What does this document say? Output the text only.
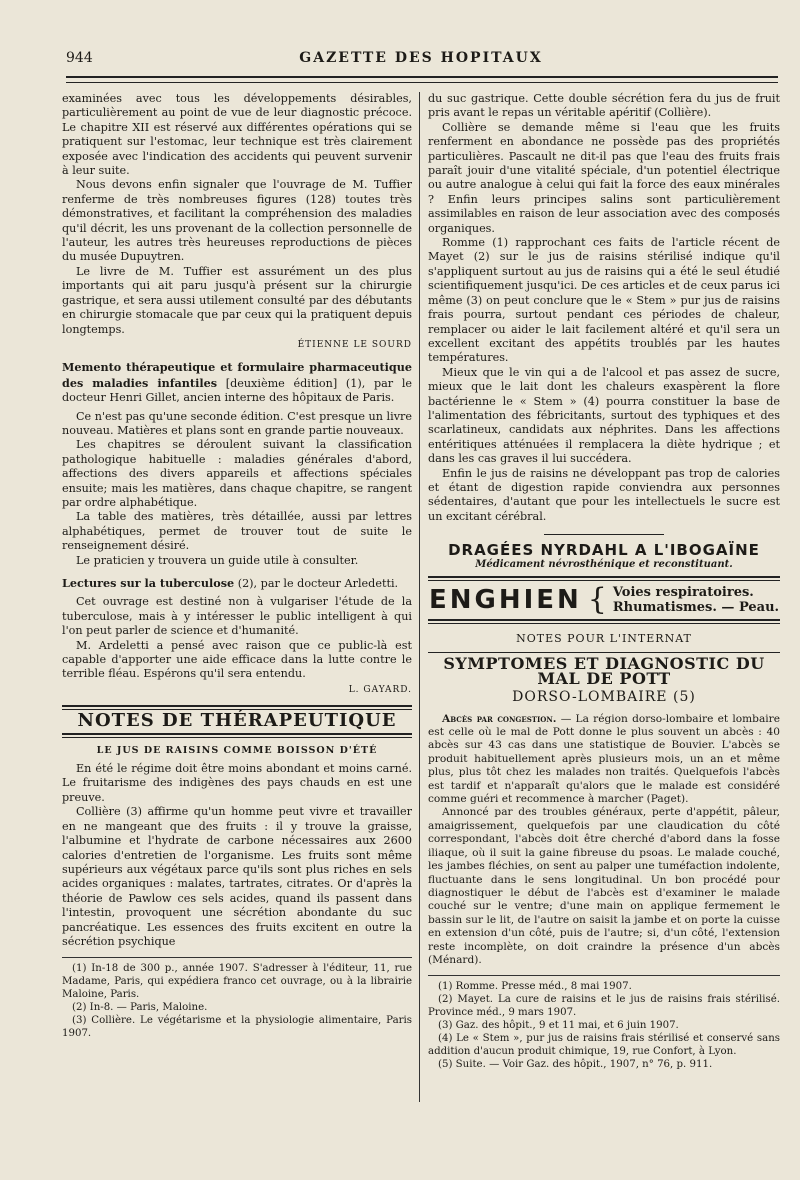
944	GAZETTE DES HOPITAUX

examinées avec tous les développements désirables, particulièrement au point de vue de leur diagnostic précoce. Le chapitre XII est réservé aux différentes opérations qui se pratiquent sur l'estomac, leur technique est très clairement exposée avec l'indication des accidents qui peuvent survenir à leur suite.

Nous devons enfin signaler que l'ouvrage de M. Tuffier renferme de très nombreuses figures (128) toutes très démonstratives, et facilitant la compréhension des maladies qu'il décrit, les uns provenant de la collection personnelle de l'auteur, les autres très heureuses reproductions de pièces du musée Dupuytren.

Le livre de M. Tuffier est assurément un des plus importants qui ait paru jusqu'à présent sur la chirurgie gastrique, et sera aussi utilement consulté par des débutants en chirurgie stomacale que par ceux qui la pratiquent depuis longtemps.

ÉTIENNE LE SOURD

Memento thérapeutique et formulaire pharmaceutique des maladies infantiles [deuxième édition] (1), par le docteur Henri Gillet, ancien interne des hôpitaux de Paris.

Ce n'est pas qu'une seconde édition. C'est presque un livre nouveau. Matières et plans sont en grande partie nouveaux.

Les chapitres se déroulent suivant la classification pathologique habituelle : maladies générales d'abord, affections des divers appareils et affections spéciales ensuite; mais les matières, dans chaque chapitre, se rangent par ordre alphabétique.

La table des matières, très détaillée, aussi par lettres alphabétiques, permet de trouver tout de suite le renseignement désiré.

Le praticien y trouvera un guide utile à consulter.

Lectures sur la tuberculose (2), par le docteur Arledetti.

Cet ouvrage est destiné non à vulgariser l'étude de la tuberculose, mais à y intéresser le public intelligent à qui l'on peut parler de science et d'humanité.

M. Ardeletti a pensé avec raison que ce public-là est capable d'apporter une aide efficace dans la lutte contre le terrible fléau. Espérons qu'il sera entendu.

L. GAYARD.
NOTES DE THÉRAPEUTIQUE
LE JUS DE RAISINS COMME BOISSON D'ÉTÉ

En été le régime doit être moins abondant et moins carné. Le fruitarisme des indigènes des pays chauds en est une preuve.

Collière (3) affirme qu'un homme peut vivre et travailler en ne mangeant que des fruits : il y trouve la graisse, l'albumine et l'hydrate de carbone nécessaires aux 2600 calories d'entretien de l'organisme. Les fruits sont même supérieurs aux végétaux parce qu'ils sont plus riches en sels acides organiques : malates, tartrates, citrates. Or d'après la théorie de Pawlow ces sels acides, quand ils passent dans l'intestin, provoquent une sécrétion abondante du suc pancréatique. Les essences des fruits excitent en outre la sécrétion psychique

(1) In-18 de 300 p., année 1907. S'adresser à l'éditeur, 11, rue Madame, Paris, qui expédiera franco cet ouvrage, ou à la librairie Maloine, Paris.
(2) In-8. — Paris, Maloine.
(3) Collière. Le végétarisme et la physiologie alimentaire, Paris 1907.

du suc gastrique. Cette double sécrétion fera du jus de fruit pris avant le repas un véritable apéritif (Collière).

Collière se demande même si l'eau que les fruits renferment en abondance ne possède pas des propriétés particulières. Pascault ne dit-il pas que l'eau des fruits frais paraît jouir d'une vitalité spéciale, d'un potentiel électrique ou autre analogue à celui qui fait la force des eaux minérales ? Enfin leurs principes salins sont particulièrement assimilables en raison de leur association avec des composés organiques.

Romme (1) rapprochant ces faits de l'article récent de Mayet (2) sur le jus de raisins stérilisé indique qu'il s'appliquent surtout au jus de raisins qui a été le seul étudié scientifiquement jusqu'ici. De ces articles et de ceux parus ici même (3) on peut conclure que le « Stem » pur jus de raisins frais pourra, surtout pendant ces périodes de chaleur, remplacer ou aider le lait facilement altéré et qu'il sera un excellent excitant des appétits troublés par les hautes températures.

Mieux que le vin qui a de l'alcool et pas assez de sucre, mieux que le lait dont les chaleurs exaspèrent la flore bactérienne le « Stem » (4) pourra constituer la base de l'alimentation des fébricitants, surtout des typhiques et des scarlatineux, candidats aux néphrites. Dans les affections entéritiques atténuées il remplacera la diète hydrique ; et dans les cas graves il lui succédera.

Enfin le jus de raisins ne développant pas trop de calories et étant de digestion rapide conviendra aux personnes sédentaires, d'autant que pour les intellectuels le sucre est un excitant cérébral.

DRAGÉES NYRDAHL A L'IBOGAÏNE
Médicament névrosthénique et reconstituant.
ENGHIEN { Voies respiratoires.
Rhumatismes. — Peau.
NOTES POUR L'INTERNAT
SYMPTOMES ET DIAGNOSTIC DU MAL DE POTT
DORSO-LOMBAIRE (5)

Abcès par congestion. — La région dorso-lombaire et lombaire est celle où le mal de Pott donne le plus souvent un abcès : 40 abcès sur 43 cas dans une statistique de Bouvier. L'abcès se produit habituellement après plusieurs mois, un an et même plus, plus tôt chez les malades non traités. Quelquefois l'abcès est tardif et n'apparaît qu'alors que le malade est considéré comme guéri et recommence à marcher (Paget).

Annoncé par des troubles généraux, perte d'appétit, pâleur, amaigrissement, quelquefois par une claudication du côté correspondant, l'abcès doit être cherché d'abord dans la fosse iliaque, où il suit la gaine fibreuse du psoas. Le malade couché, les jambes fléchies, on sent au palper une tuméfaction indolente, fluctuante dans le sens longitudinal. Un bon procédé pour diagnostiquer le début de l'abcès est d'examiner le malade couché sur le ventre; d'une main on applique fermement le bassin sur le lit, de l'autre on saisit la jambe et on porte la cuisse en extension d'un côté, puis de l'autre; si, d'un côté, l'extension reste incomplète, on doit craindre la présence d'un abcès (Ménard).

(1) Romme. Presse méd., 8 mai 1907.
(2) Mayet. La cure de raisins et le jus de raisins frais stérilisé. Province méd., 9 mars 1907.
(3) Gaz. des hôpit., 9 et 11 mai, et 6 juin 1907.
(4) Le « Stem », pur jus de raisins frais stérilisé et conservé sans addition d'aucun produit chimique, 19, rue Confort, à Lyon.
(5) Suite. — Voir Gaz. des hôpit., 1907, n° 76, p. 911.
